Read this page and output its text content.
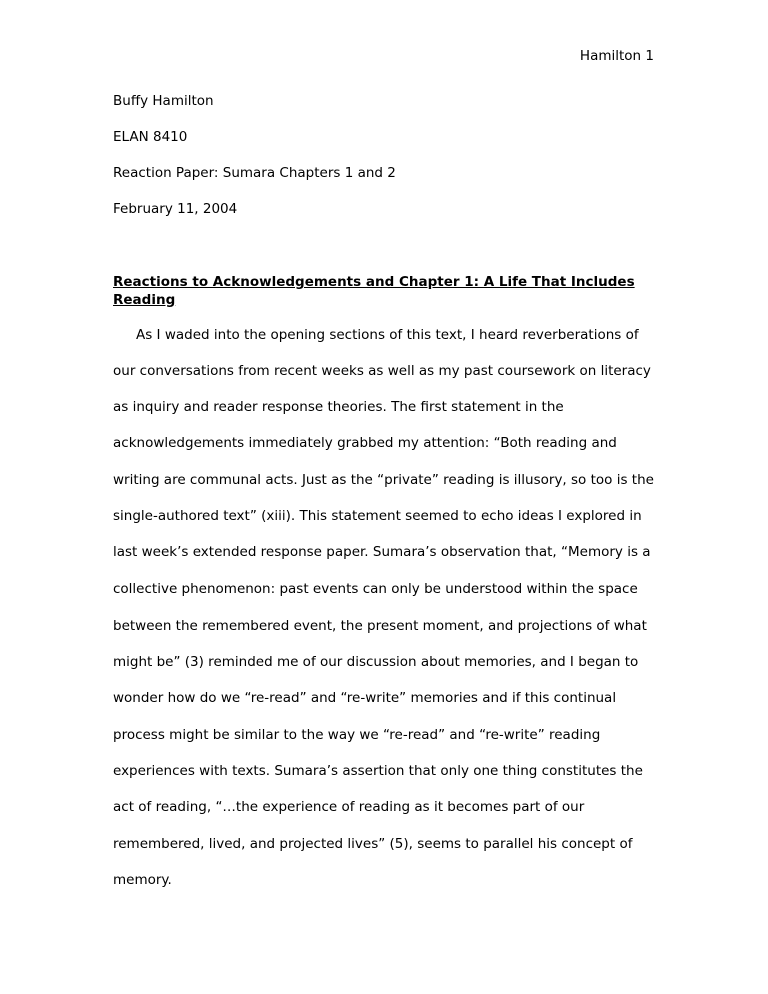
Hamilton 1
Buffy Hamilton
ELAN 8410
Reaction Paper: Sumara Chapters 1 and 2
February 11, 2004
Reactions to Acknowledgements and Chapter 1: A Life That Includes Reading
As I waded into the opening sections of this text, I heard reverberations of
our conversations from recent weeks as well as my past coursework on literacy
as inquiry and reader response theories. The first statement in the
acknowledgements immediately grabbed my attention: “Both reading and
writing are communal acts. Just as the “private” reading is illusory, so too is the
single-authored text” (xiii). This statement seemed to echo ideas I explored in
last week’s extended response paper. Sumara’s observation that, “Memory is a
collective phenomenon: past events can only be understood within the space
between the remembered event, the present moment, and projections of what
might be” (3) reminded me of our discussion about memories, and I began to
wonder how do we “re-read” and “re-write” memories and if this continual
process might be similar to the way we “re-read” and “re-write” reading
experiences with texts. Sumara’s assertion that only one thing constitutes the
act of reading, “…the experience of reading as it becomes part of our
remembered, lived, and projected lives” (5), seems to parallel his concept of
memory.
